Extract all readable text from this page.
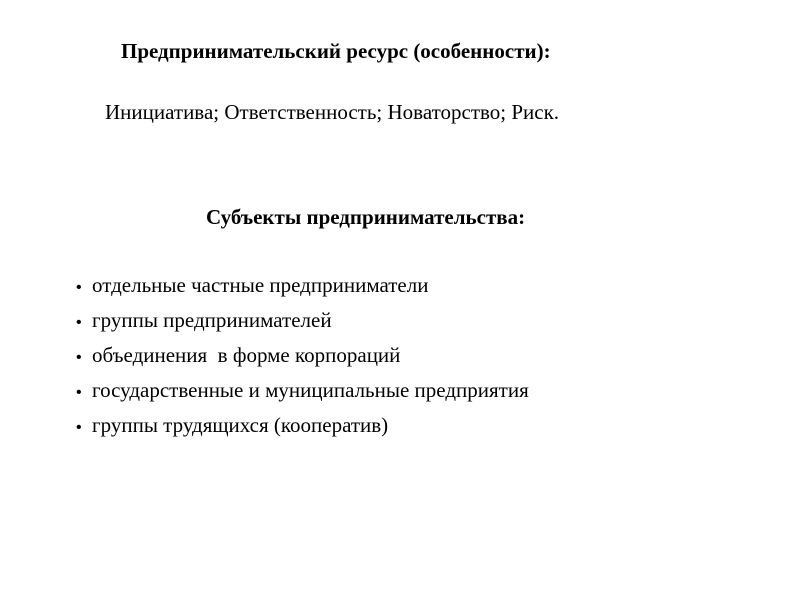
Предпринимательский ресурс (особенности):
Инициатива; Ответственность; Новаторство; Риск.
Субъекты предпринимательства:
• отдельные частные предприниматели
• группы предпринимателей
• объединения  в форме корпораций
• государственные и муниципальные предприятия
• группы трудящихся (кооператив)
